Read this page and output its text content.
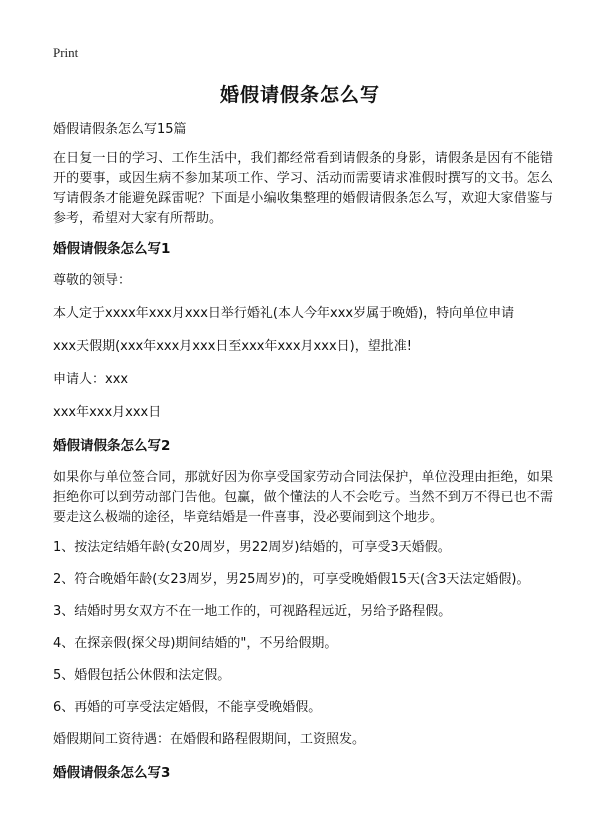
Print
婚假请假条怎么写
婚假请假条怎么写15篇

在日复一日的学习、工作生活中，我们都经常看到请假条的身影，请假条是因有不能错开的要事，或因生病不参加某项工作、学习、活动而需要请求准假时撰写的文书。怎么写请假条才能避免踩雷呢？下面是小编收集整理的婚假请假条怎么写，欢迎大家借鉴与参考，希望对大家有所帮助。

婚假请假条怎么写1

尊敬的领导：

本人定于xxxx年xxx月xxx日举行婚礼(本人今年xxx岁属于晚婚)，特向单位申请

xxx天假期(xxx年xxx月xxx日至xxx年xxx月xxx日)，望批准!

申请人：xxx

xxx年xxx月xxx日

婚假请假条怎么写2

如果你与单位签合同，那就好因为你享受国家劳动合同法保护，单位没理由拒绝，如果拒绝你可以到劳动部门告他。包赢，做个懂法的人不会吃亏。当然不到万不得已也不需要走这么极端的途径，毕竟结婚是一件喜事，没必要闹到这个地步。

1、按法定结婚年龄(女20周岁，男22周岁)结婚的，可享受3天婚假。
2、符合晚婚年龄(女23周岁，男25周岁)的，可享受晚婚假15天(含3天法定婚假)。
3、结婚时男女双方不在一地工作的，可视路程远近，另给予路程假。
4、在探亲假(探父母)期间结婚的"，不另给假期。
5、婚假包括公休假和法定假。
6、再婚的可享受法定婚假，不能享受晚婚假。

婚假期间工资待遇：在婚假和路程假期间，工资照发。

婚假请假条怎么写3
